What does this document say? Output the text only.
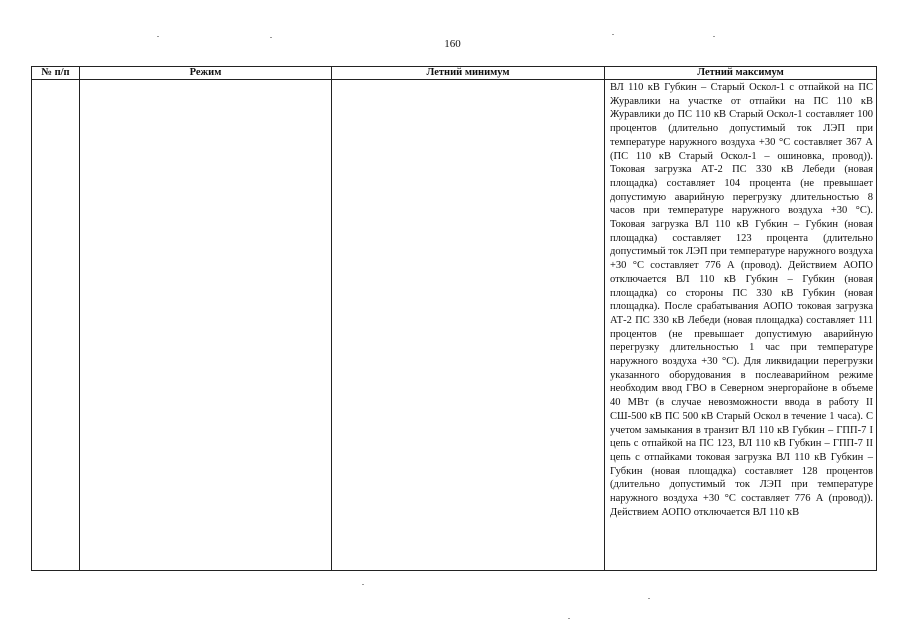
160
№ п/п	Режим	Летний минимум	Летний максимум

			ВЛ 110 кВ Губкин – Старый Оскол-1 с отпайкой на ПС Журавлики на участке от отпайки на ПС 110 кВ Журавлики до ПС 110 кВ Старый Оскол-1 составляет 100 процентов (длительно допустимый ток ЛЭП при температуре наружного воздуха +30 °С составляет 367 А (ПС 110 кВ Старый Оскол-1 – ошиновка, провод)). Токовая загрузка АТ-2 ПС 330 кВ Лебеди (новая площадка) составляет 104 процента (не превышает допустимую аварийную перегрузку длительностью 8 часов при температуре наружного воздуха +30 °С). Токовая загрузка ВЛ 110 кВ Губкин – Губкин (новая площадка) составляет 123 процента (длительно допустимый ток ЛЭП при температуре наружного воздуха +30 °С составляет 776 А (провод). Действием АОПО отключается ВЛ 110 кВ Губкин – Губкин (новая площадка) со стороны ПС 330 кВ Губкин (новая площадка). После срабатывания АОПО токовая загрузка АТ-2 ПС 330 кВ Лебеди (новая площадка) составляет 111 процентов (не превышает допустимую аварийную перегрузку длительностью 1 час при температуре наружного воздуха +30 °С). Для ликвидации перегрузки указанного оборудования в послеаварийном режиме необходим ввод ГВО в Северном энергорайоне в объеме 40 МВт (в случае невозможности ввода в работу II СШ-500 кВ ПС 500 кВ Старый Оскол в течение 1 часа). С учетом замыкания в транзит ВЛ 110 кВ Губкин – ГПП-7 I цепь с отпайкой на ПС 123, ВЛ 110 кВ Губкин – ГПП-7 II цепь с отпайками токовая загрузка ВЛ 110 кВ Губкин – Губкин (новая площадка) составляет 128 процентов (длительно допустимый ток ЛЭП при температуре наружного воздуха +30 °С составляет 776 А (провод)). Действием АОПО отключается ВЛ 110 кВ
